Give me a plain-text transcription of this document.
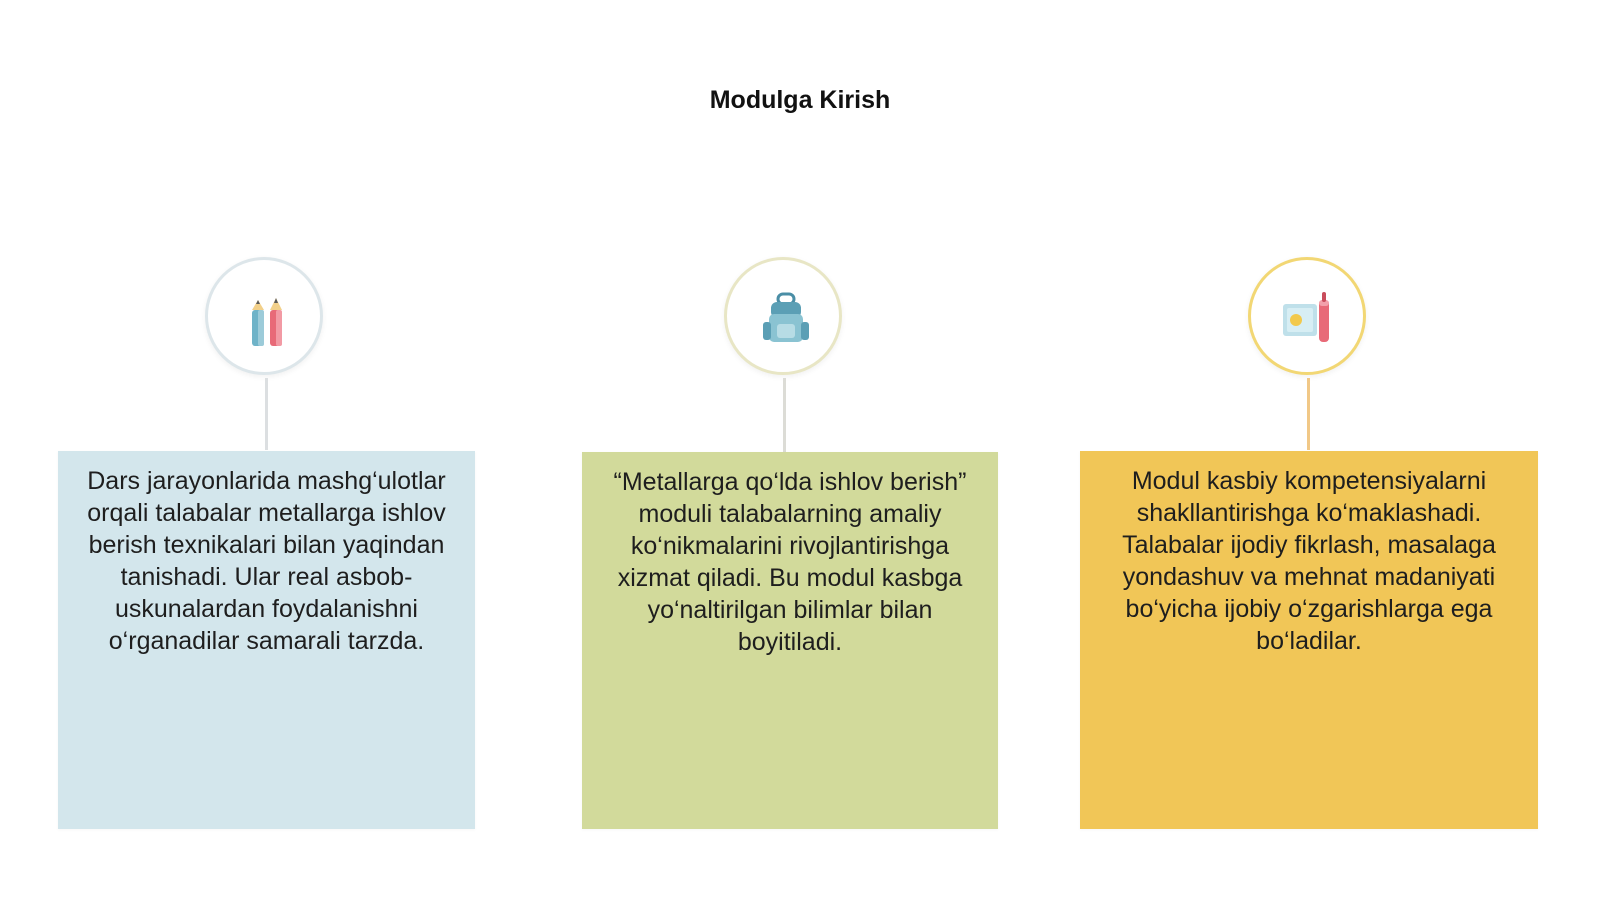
Modulga Kirish
Dars jarayonlarida mashg‘ulotlar orqali talabalar metallarga ishlov berish texnikalari bilan yaqindan tanishadi. Ular real asbob-uskunalardan foydalanishni o‘rganadilar samarali tarzda.
“Metallarga qo‘lda ishlov berish” moduli talabalarning amaliy ko‘nikmalarini rivojlantirishga xizmat qiladi. Bu modul kasbga yo‘naltirilgan bilimlar bilan boyitiladi.
Modul kasbiy kompetensiyalarni shakllantirishga ko‘maklashadi. Talabalar ijodiy fikrlash, masalaga yondashuv va mehnat madaniyati bo‘yicha ijobiy o‘zgarishlarga ega bo‘ladilar.
